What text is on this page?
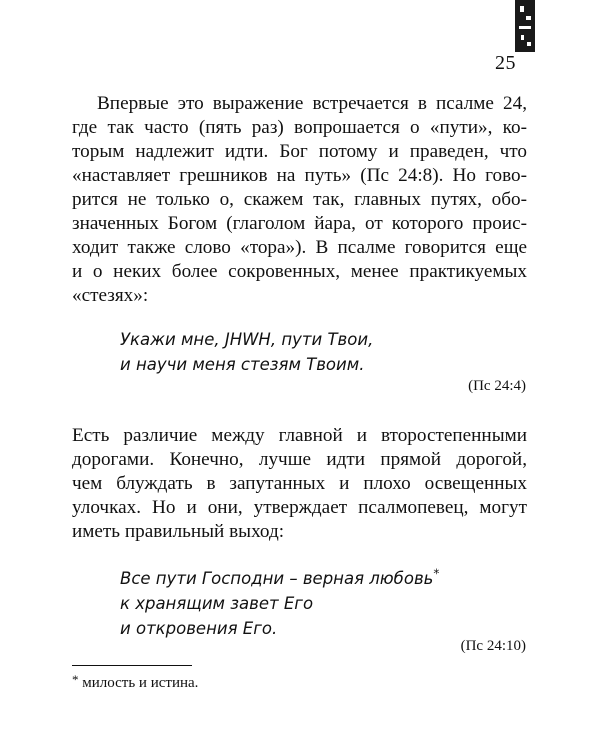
25
Впервые это выражение встречается в псалме 24,
где так часто (пять раз) вопрошается о «пути», ко-
торым надлежит идти. Бог потому и праведен, что
«наставляет грешников на путь» (Пс 24:8). Но гово-
рится не только о, скажем так, главных путях, обо-
значенных Богом (глаголом йара, от которого проис-
ходит также слово «тора»). В псалме говорится еще
и о неких более сокровенных, менее практикуемых
«стезях»:
Укажи мне, JHWH, пути Твои,
и научи меня стезям Твоим.
(Пс 24:4)
Есть различие между главной и второстепенными
дорогами. Конечно, лучше идти прямой дорогой,
чем блуждать в запутанных и плохо освещенных
улочках. Но и они, утверждает псалмопевец, могут
иметь правильный выход:
Все пути Господни – верная любовь*
к хранящим завет Его
и откровения Его.
(Пс 24:10)
* милость и истина.
